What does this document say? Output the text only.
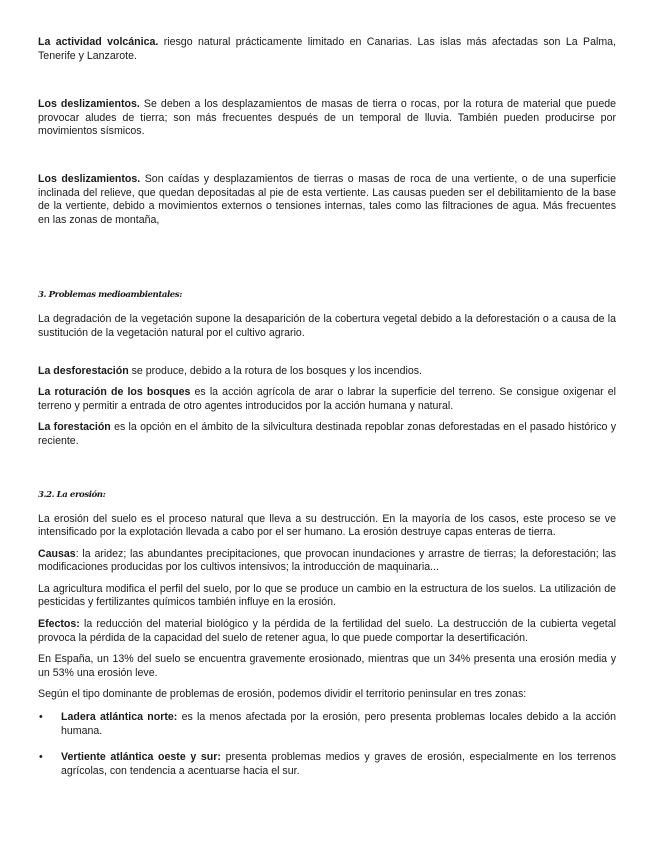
La actividad volcánica. riesgo natural prácticamente limitado en Canarias. Las islas más afectadas son La Palma, Tenerife y Lanzarote.

Los deslizamientos. Se deben a los desplazamientos de masas de tierra o rocas, por la rotura de material que puede provocar aludes de tierra; son más frecuentes después de un temporal de lluvia. También pueden producirse por movimientos sísmicos.

Los deslizamientos. Son caídas y desplazamientos de tierras o masas de roca de una vertiente, o de una superficie inclinada del relieve, que quedan depositadas al pie de esta vertiente. Las causas pueden ser el debilitamiento de la base de la vertiente, debido a movimientos externos o tensiones internas, tales como las filtraciones de agua. Más frecuentes en las zonas de montaña,

3. Problemas medioambientales:

La degradación de la vegetación supone la desaparición de la cobertura vegetal debido a la deforestación o a causa de la sustitución de la vegetación natural por el cultivo agrario.

La desforestación se produce, debido a la rotura de los bosques y los incendios.

La roturación de los bosques es la acción agrícola de arar o labrar la superficie del terreno. Se consigue oxigenar el terreno y permitir a entrada de otro agentes introducidos por la acción humana y natural.

La forestación es la opción en el ámbito de la silvicultura destinada repoblar zonas deforestadas en el pasado histórico y reciente.

3.2. La erosión:

La erosión del suelo es el proceso natural que lleva a su destrucción. En la mayoría de los casos, este proceso se ve intensificado por la explotación llevada a cabo por el ser humano. La erosión destruye capas enteras de tierra.

Causas: la aridez; las abundantes precipitaciones, que provocan inundaciones y arrastre de tierras; la deforestación; las modificaciones producidas por los cultivos intensivos; la introducción de maquinaria...

La agricultura modifica el perfil del suelo, por lo que se produce un cambio en la estructura de los suelos. La utilización de pesticidas y fertilizantes químicos también influye en la erosión.

Efectos: la reducción del material biológico y la pérdida de la fertilidad del suelo. La destrucción de la cubierta vegetal provoca la pérdida de la capacidad del suelo de retener agua, lo que puede comportar la desertificación.

En España, un 13% del suelo se encuentra gravemente erosionado, mientras que un 34% presenta una erosión media y un 53% una erosión leve.

Según el tipo dominante de problemas de erosión, podemos dividir el territorio peninsular en tres zonas:

• Ladera atlántica norte: es la menos afectada por la erosión, pero presenta problemas locales debido a la acción humana.
• Vertiente atlántica oeste y sur: presenta problemas medios y graves de erosión, especialmente en los terrenos agrícolas, con tendencia a acentuarse hacia el sur.
